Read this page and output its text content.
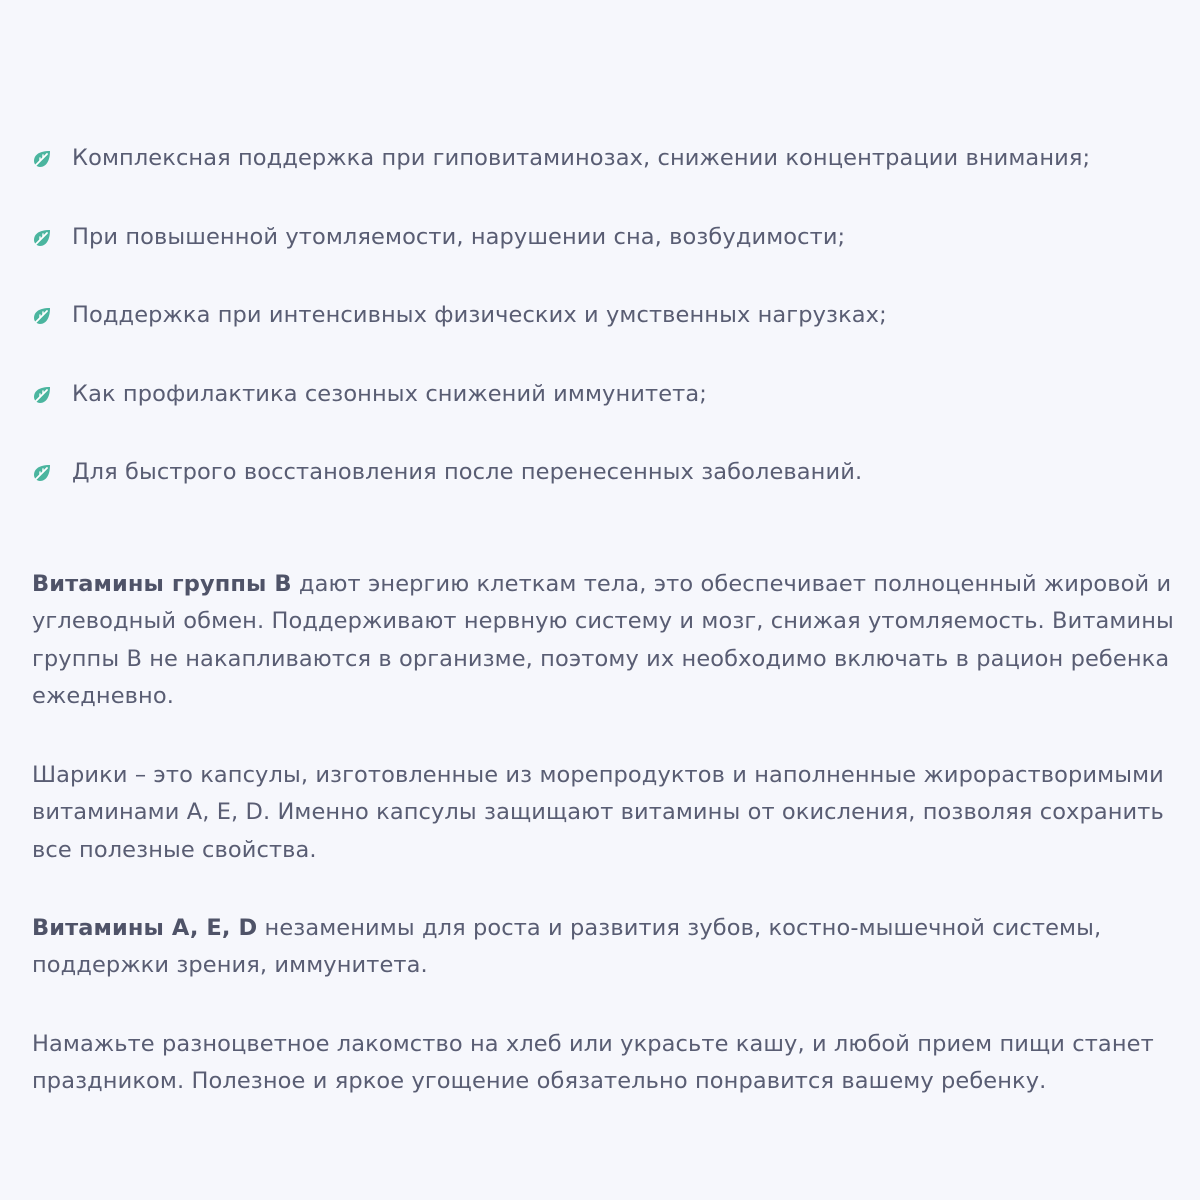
Комплексная поддержка при гиповитаминозах, снижении концентрации внимания;
При повышенной утомляемости, нарушении сна, возбудимости;
Поддержка при интенсивных физических и умственных нагрузках;
Как профилактика сезонных снижений иммунитета;
Для быстрого восстановления после перенесенных заболеваний.

Витамины группы B дают энергию клеткам тела, это обеспечивает полноценный жировой и углеводный обмен. Поддерживают нервную систему и мозг, снижая утомляемость. Витамины группы В не накапливаются в организме, поэтому их необходимо включать в рацион ребенка ежедневно.

Шарики – это капсулы, изготовленные из морепродуктов и наполненные жирорастворимыми витаминами А, Е, D. Именно капсулы защищают витамины от окисления, позволяя сохранить все полезные свойства.

Витамины A, E, D незаменимы для роста и развития зубов, костно-мышечной системы, поддержки зрения, иммунитета.

Намажьте разноцветное лакомство на хлеб или украсьте кашу, и любой прием пищи станет праздником. Полезное и яркое угощение обязательно понравится вашему ребенку.
